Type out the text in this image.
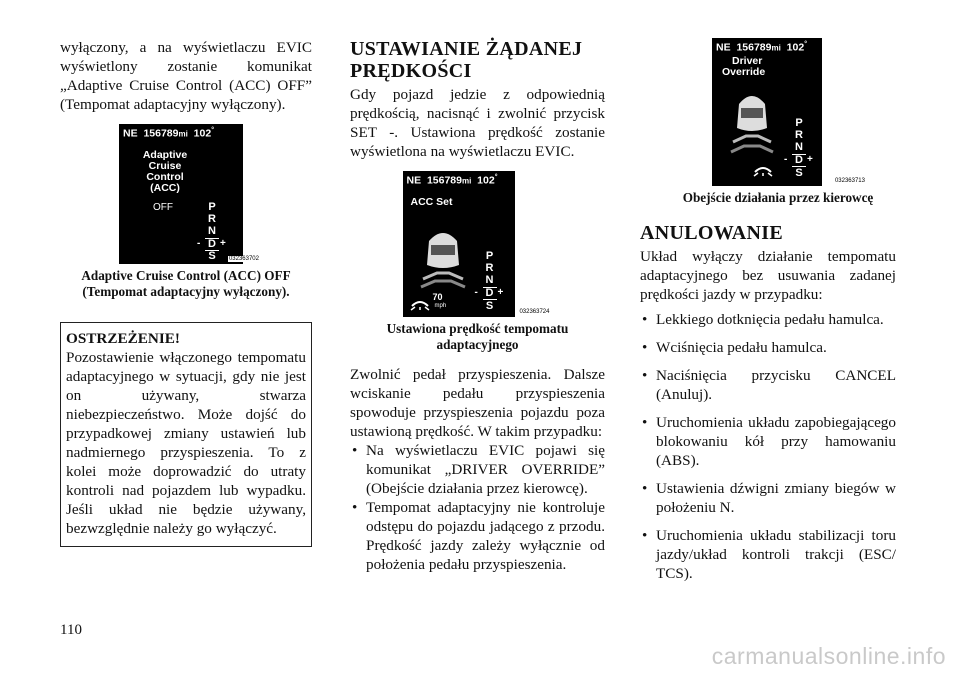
wyłączony, a na wyświetlaczu EVIC wyświetlony zostanie komunikat „Adaptive Cruise Control (ACC) OFF” (Tempomat adaptacyjny wyłączony).

NE 156789mi 102°
Adaptive
Cruise
Control
(ACC)
OFF	P
R
N
- D +
S	032363702

Adaptive Cruise Control (ACC) OFF (Tempomat adaptacyjny wyłączony).

OSTRZEŻENIE!

Pozostawienie włączonego tempomatu adaptacyjnego w sytuacji, gdy nie jest on używany, stwarza niebezpieczeństwo. Może dojść do przypadkowej zmiany ustawień lub nadmiernego przyspieszenia. To z kolei może doprowadzić do utraty kontroli nad pojazdem lub wypadku. Jeśli układ nie będzie używany, bezwzględnie należy go wyłączyć.

USTAWIANIE ŻĄDANEJ PRĘDKOŚCI

Gdy pojazd jedzie z odpowiednią prędkością, nacisnąć i zwolnić przycisk SET -. Ustawiona prędkość zostanie wyświetlona na wyświetlaczu EVIC.

NE 156789mi 102°
ACC Set
70
mph
P
R
N
- D +
S	032363724

Ustawiona prędkość tempomatu adaptacyjnego

Zwolnić pedał przyspieszenia. Dalsze wciskanie pedału przyspieszenia spowoduje przyspieszenia pojazdu poza ustawioną prędkość. W takim przypadku:

• Na wyświetlaczu EVIC pojawi się komunikat „DRIVER OVERRIDE” (Obejście działania przez kierowcę).
• Tempomat adaptacyjny nie kontroluje odstępu do pojazdu jadącego z przodu. Prędkość jazdy zależy wyłącznie od położenia pedału przyspieszenia.
NE 156789mi 102°
Driver
Override
P
R
N
- D +
S
032363713

Obejście działania przez kierowcę

ANULOWANIE

Układ wyłączy działanie tempomatu adaptacyjnego bez usuwania zadanej prędkości jazdy w przypadku:

• Lekkiego dotknięcia pedału hamulca.
• Wciśnięcia pedału hamulca.
• Naciśnięcia przycisku CANCEL (Anuluj).
• Uruchomienia układu zapobiegającego blokowaniu kół przy hamowaniu (ABS).
• Ustawienia dźwigni zmiany biegów w położeniu N.
• Uruchomienia układu stabilizacji toru jazdy/układ kontroli trakcji (ESC/ TCS).
110
carmanualsonline.info
